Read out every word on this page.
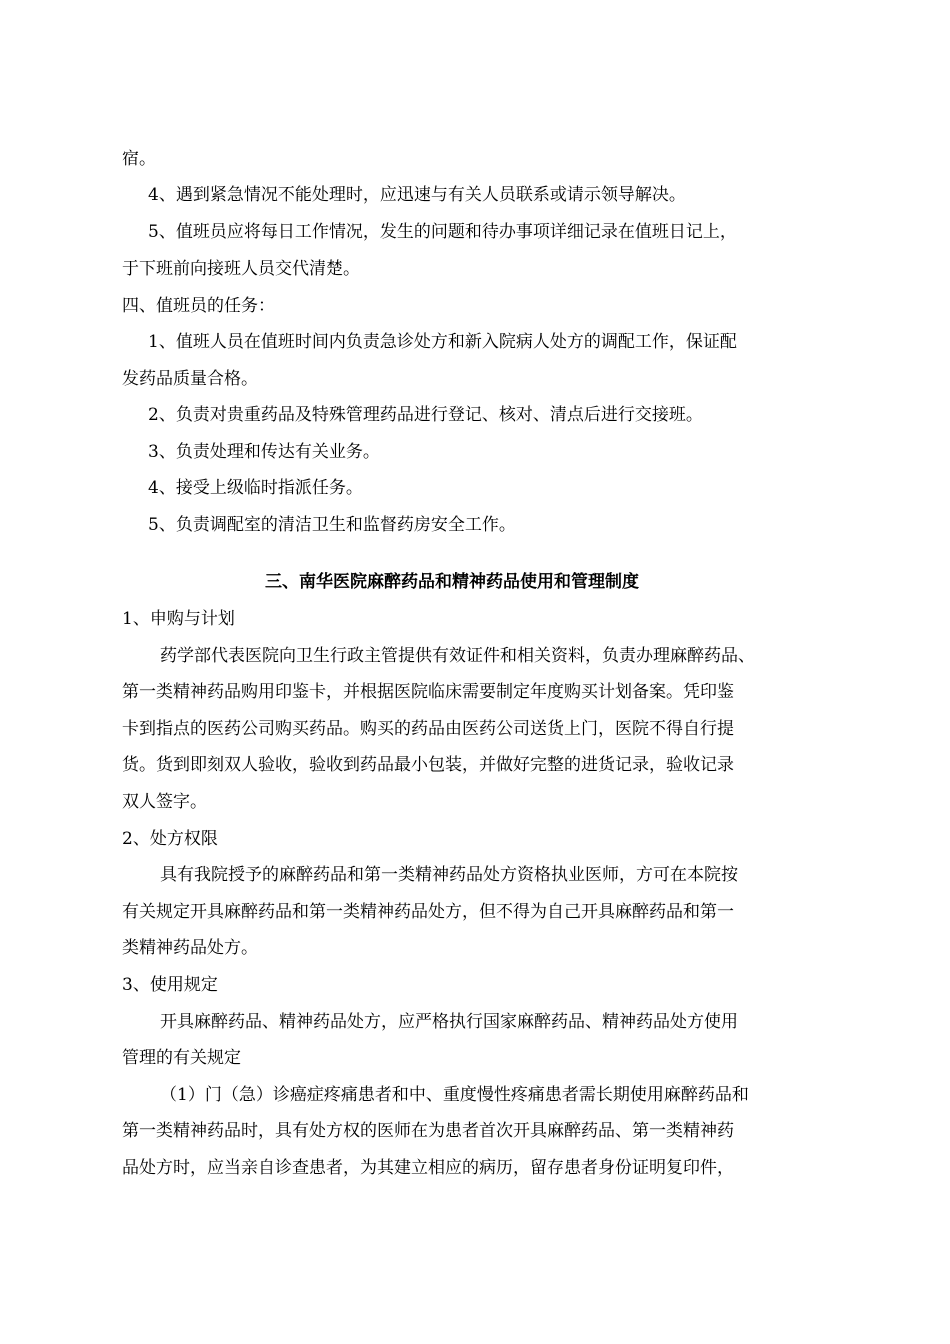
宿。
4、遇到紧急情况不能处理时，应迅速与有关人员联系或请示领导解决。
5、值班员应将每日工作情况，发生的问题和待办事项详细记录在值班日记上，
于下班前向接班人员交代清楚。
四、值班员的任务：
1、值班人员在值班时间内负责急诊处方和新入院病人处方的调配工作，保证配
发药品质量合格。
2、负责对贵重药品及特殊管理药品进行登记、核对、清点后进行交接班。
3、负责处理和传达有关业务。
4、接受上级临时指派任务。
5、负责调配室的清洁卫生和监督药房安全工作。
三、南华医院麻醉药品和精神药品使用和管理制度
1、申购与计划
药学部代表医院向卫生行政主管提供有效证件和相关资料，负责办理麻醉药品、
第一类精神药品购用印鉴卡，并根据医院临床需要制定年度购买计划备案。凭印鉴
卡到指点的医药公司购买药品。购买的药品由医药公司送货上门，医院不得自行提
货。货到即刻双人验收，验收到药品最小包装，并做好完整的进货记录，验收记录
双人签字。
2、处方权限
具有我院授予的麻醉药品和第一类精神药品处方资格执业医师，方可在本院按
有关规定开具麻醉药品和第一类精神药品处方，但不得为自己开具麻醉药品和第一
类精神药品处方。
3、使用规定
开具麻醉药品、精神药品处方，应严格执行国家麻醉药品、精神药品处方使用
管理的有关规定
（1）门（急）诊癌症疼痛患者和中、重度慢性疼痛患者需长期使用麻醉药品和
第一类精神药品时，具有处方权的医师在为患者首次开具麻醉药品、第一类精神药
品处方时，应当亲自诊查患者，为其建立相应的病历，留存患者身份证明复印件，
